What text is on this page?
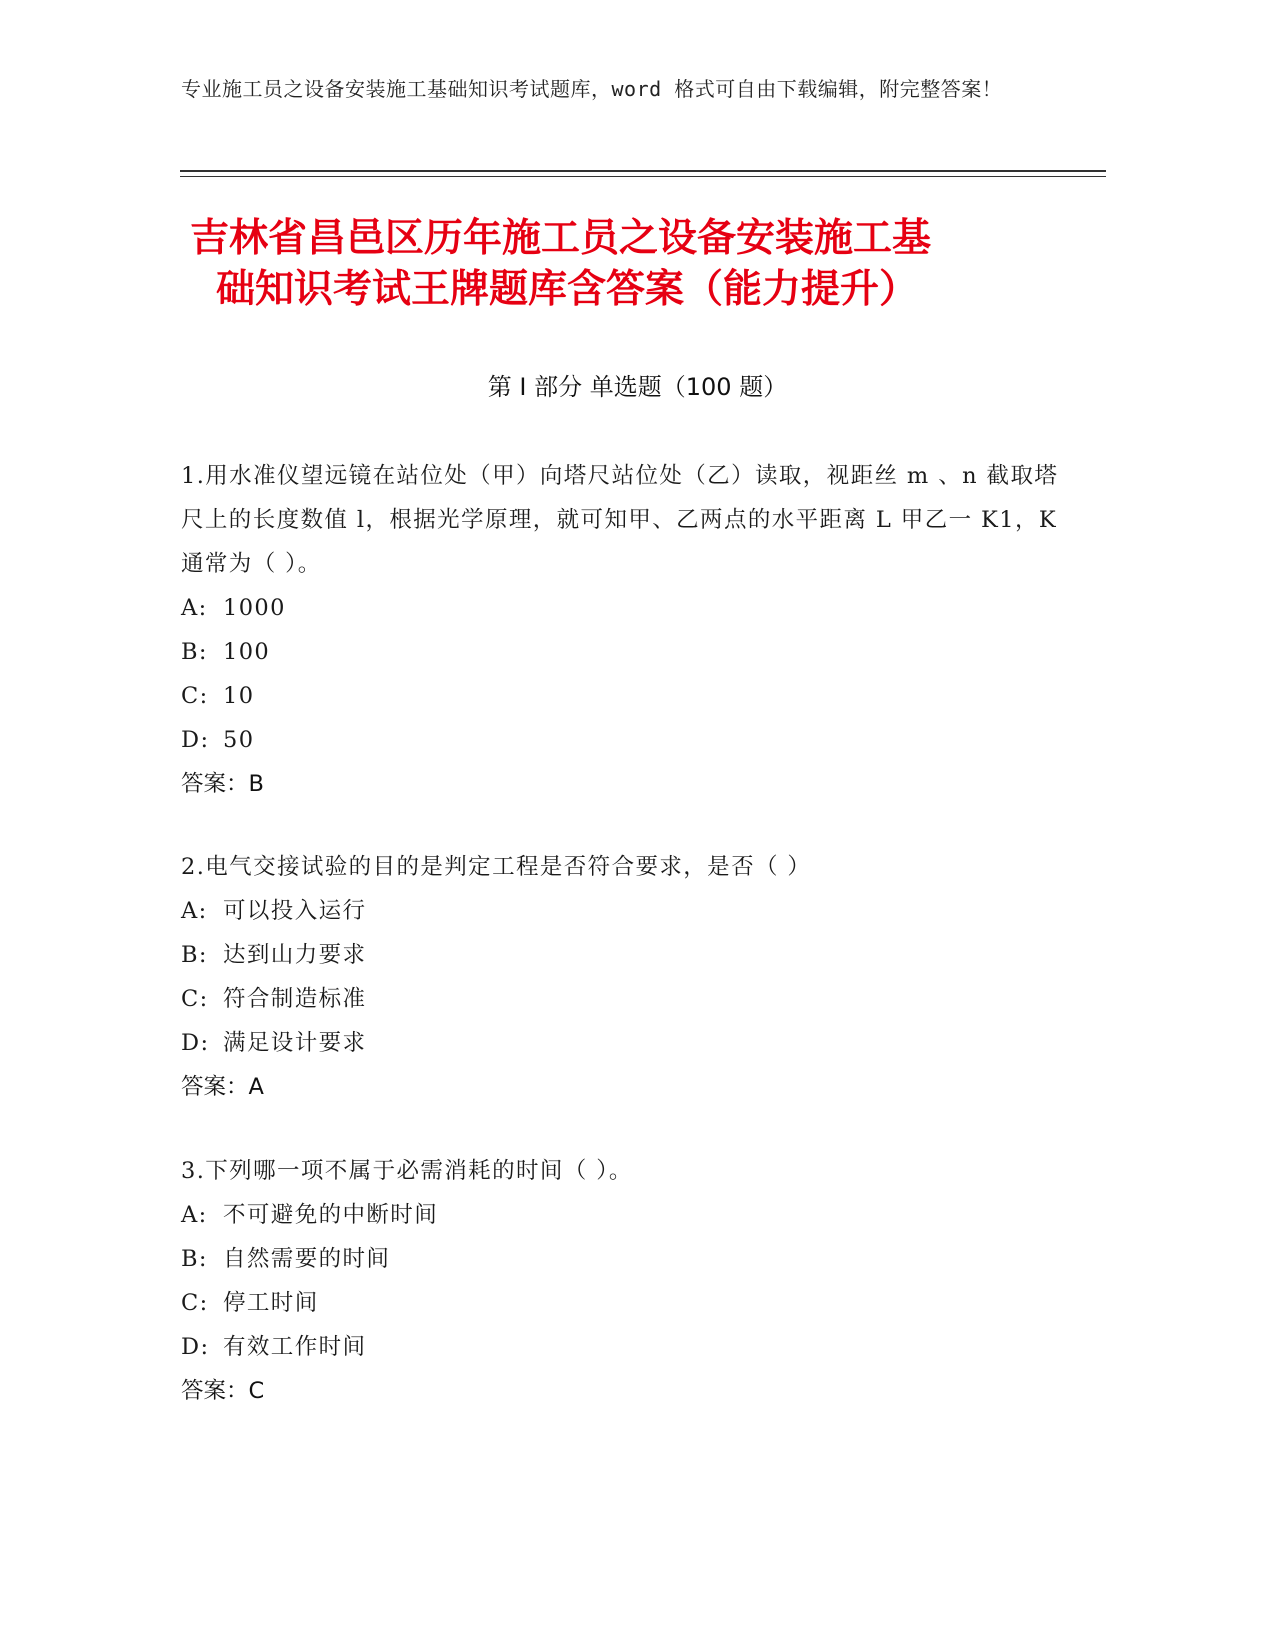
专业施工员之设备安装施工基础知识考试题库，word 格式可自由下载编辑，附完整答案！
吉林省昌邑区历年施工员之设备安装施工基
础知识考试王牌题库含答案（能力提升）
第 I 部分 单选题（100 题）
1.用水准仪望远镜在站位处（甲）向塔尺站位处（乙）读取，视距丝 m 、n 截取塔尺上的长度数值 l，根据光学原理，就可知甲、乙两点的水平距离 L 甲乙一 K1，K 通常为（ ）。
A: 1000
B: 100
C: 10
D: 50
答案：B
2.电气交接试验的目的是判定工程是否符合要求，是否（ ）
A: 可以投入运行
B: 达到山力要求
C: 符合制造标准
D: 满足设计要求
答案：A
3.下列哪一项不属于必需消耗的时间（ ）。
A: 不可避免的中断时间
B: 自然需要的时间
C: 停工时间
D: 有效工作时间
答案：C
